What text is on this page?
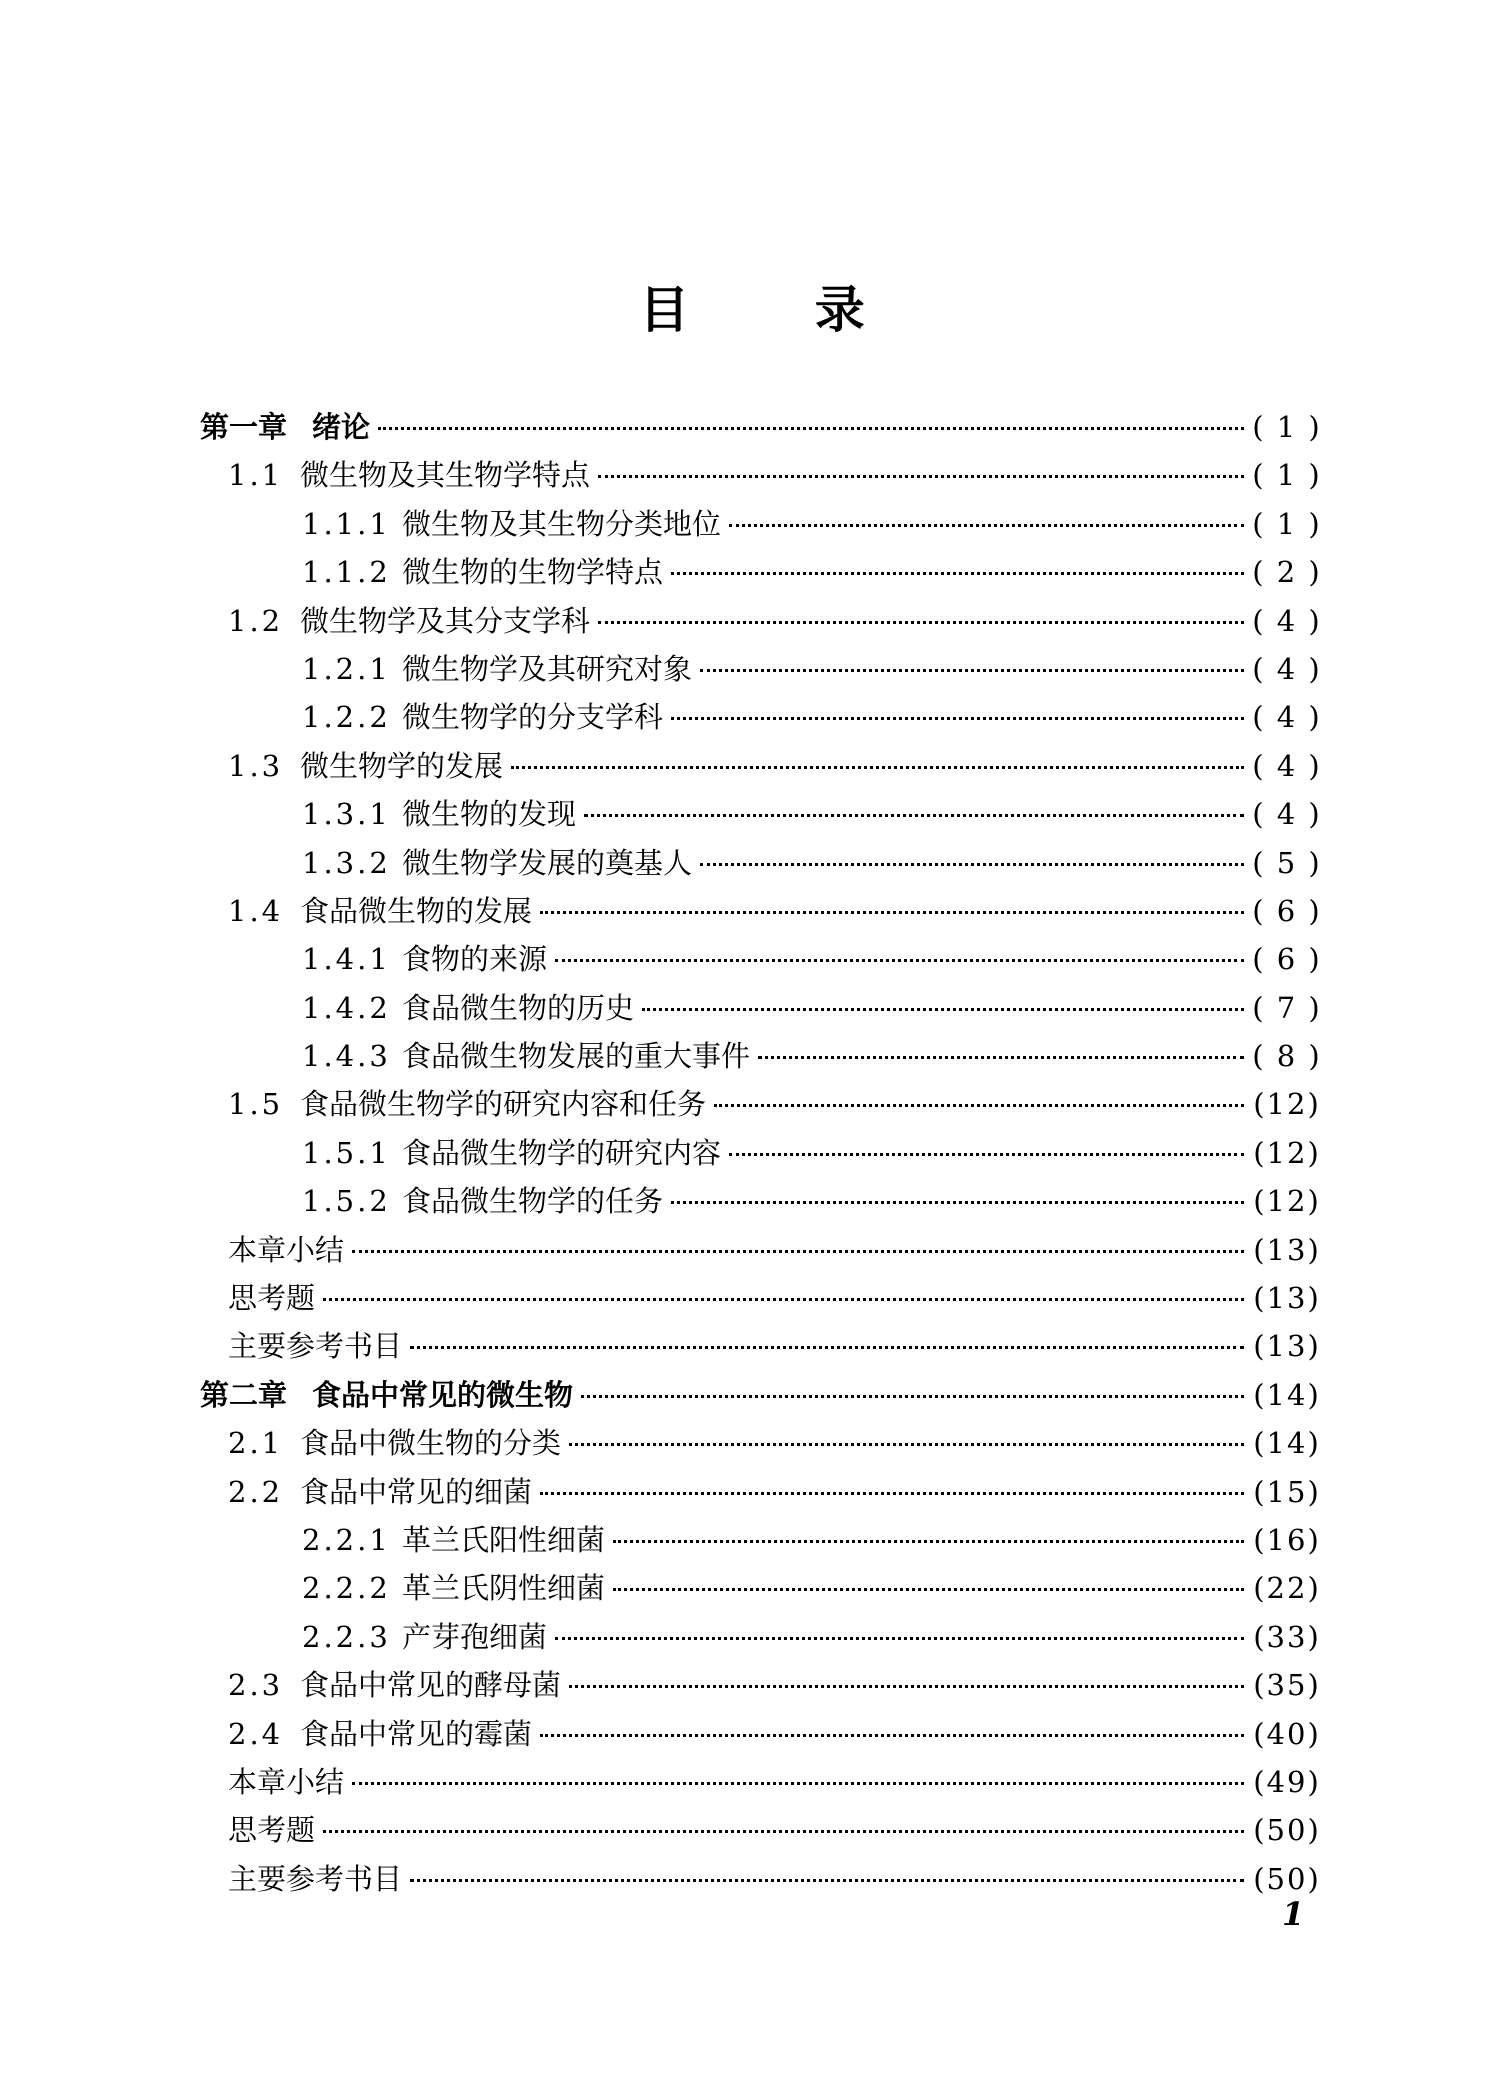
目 录
第一章 绪论	( 1 )
1.1 微生物及其生物学特点	( 1 )
1.1.1 微生物及其生物分类地位	( 1 )
1.1.2 微生物的生物学特点	( 2 )
1.2 微生物学及其分支学科	( 4 )
1.2.1 微生物学及其研究对象	( 4 )
1.2.2 微生物学的分支学科	( 4 )
1.3 微生物学的发展	( 4 )
1.3.1 微生物的发现	( 4 )
1.3.2 微生物学发展的奠基人	( 5 )
1.4 食品微生物的发展	( 6 )
1.4.1 食物的来源	( 6 )
1.4.2 食品微生物的历史	( 7 )
1.4.3 食品微生物发展的重大事件	( 8 )
1.5 食品微生物学的研究内容和任务	(12)
1.5.1 食品微生物学的研究内容	(12)
1.5.2 食品微生物学的任务	(12)
本章小结	(13)
思考题	(13)
主要参考书目	(13)
第二章 食品中常见的微生物	(14)
2.1 食品中微生物的分类	(14)
2.2 食品中常见的细菌	(15)
2.2.1 革兰氏阳性细菌	(16)
2.2.2 革兰氏阴性细菌	(22)
2.2.3 产芽孢细菌	(33)
2.3 食品中常见的酵母菌	(35)
2.4 食品中常见的霉菌	(40)
本章小结	(49)
思考题	(50)
主要参考书目	(50)
1
